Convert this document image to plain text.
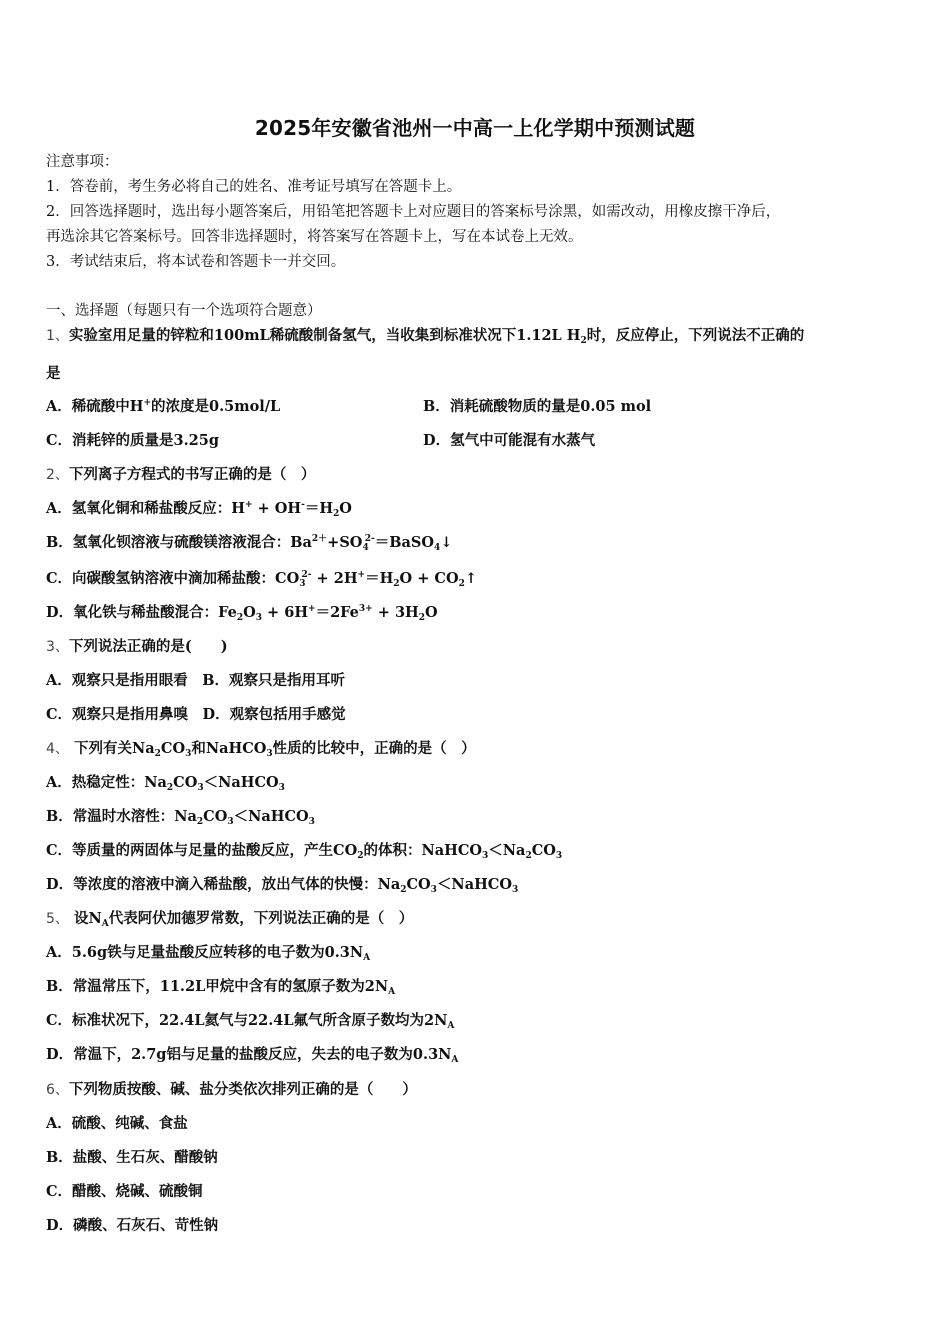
2025年安徽省池州一中高一上化学期中预测试题
注意事项：
1．答卷前，考生务必将自己的姓名、准考证号填写在答题卡上。
2．回答选择题时，选出每小题答案后，用铅笔把答题卡上对应题目的答案标号涂黑，如需改动，用橡皮擦干净后，
再选涂其它答案标号。回答非选择题时，将答案写在答题卡上，写在本试卷上无效。
3．考试结束后，将本试卷和答题卡一并交回。
一、选择题（每题只有一个选项符合题意）
1、实验室用足量的锌粒和100mL稀硫酸制备氢气，当收集到标准状况下1.12L $H_2$时，反应停止，下列说法不正确的
是
A．稀硫酸中H+的浓度是0.5mol/L	B．消耗硫酸物质的量是0.05 mol
C．消耗锌的质量是3.25g	D．氢气中可能混有水蒸气
2、下列离子方程式的书写正确的是（　）
A．氢氧化铜和稀盐酸反应：$H^+ + OH^-=H_2O$
B．氢氧化钡溶液与硫酸镁溶液混合：$Ba^{2+}+SO_4^{2-}=BaSO_4↓$
C．向碳酸氢钠溶液中滴加稀盐酸：$CO_3^{2-} + 2H^+=H_2O$ + $CO_2↑$
D．氧化铁与稀盐酸混合：$Fe_2O_3 + 6H^+=2Fe^{3+} + 3H_2O$
3、下列说法正确的是(　　)
A．观察只是指用眼看　B．观察只是指用耳听
C．观察只是指用鼻嗅　D．观察包括用手感觉
4、 下列有关$Na_2CO_3$和NaHCO$_3$性质的比较中，正确的是（　）
A．热稳定性：$Na_2CO_3<NaHCO_3$
B．常温时水溶性：$Na_2CO_3<NaHCO_3$
C．等质量的两固体与足量的盐酸反应，产生$CO_2$的体积：$NaHCO_3<Na_2CO_3$
D．等浓度的溶液中滴入稀盐酸，放出气体的快慢：$Na_2CO_3<NaHCO_3$
5、 设$N_A$代表阿伏加德罗常数，下列说法正确的是（　）
A．5.6g铁与足量盐酸反应转移的电子数为$0.3N_A$
B．常温常压下，11.2L甲烷中含有的氢原子数为$2N_A$
C．标准状况下，22.4L氦气与22.4L氟气所含原子数均为$2N_A$
D．常温下，2.7g铝与足量的盐酸反应，失去的电子数为$0.3N_A$
6、下列物质按酸、碱、盐分类依次排列正确的是（　　）
A．硫酸、纯碱、食盐
B．盐酸、生石灰、醋酸钠
C．醋酸、烧碱、硫酸铜
D．磷酸、石灰石、苛性钠
